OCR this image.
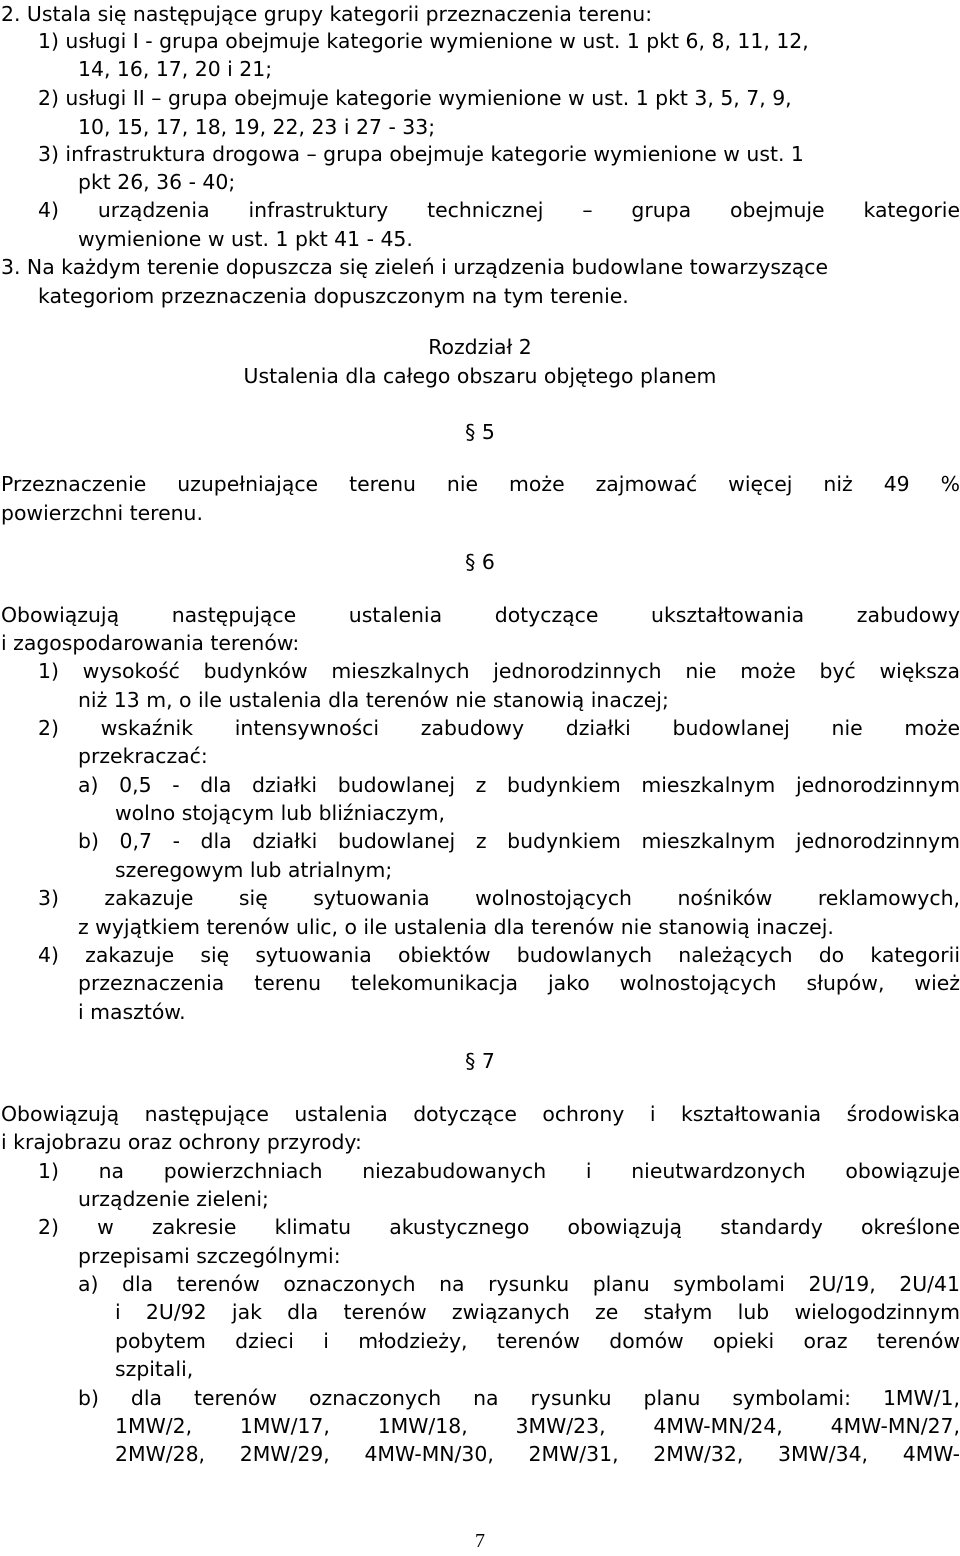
2. Ustala się następujące grupy kategorii przeznaczenia terenu:
1) usługi I - grupa obejmuje kategorie wymienione w ust. 1 pkt 6, 8, 11, 12,
14, 16, 17, 20 i 21;
2) usługi II – grupa obejmuje kategorie wymienione w ust. 1 pkt 3, 5, 7, 9,
10, 15, 17, 18, 19, 22, 23 i 27 - 33;
3) infrastruktura drogowa – grupa obejmuje kategorie wymienione w ust. 1
pkt 26, 36 - 40;
4) urządzenia infrastruktury technicznej – grupa obejmuje kategorie
wymienione w ust. 1 pkt 41 - 45.
3. Na każdym terenie dopuszcza się zieleń i urządzenia budowlane towarzyszące
kategoriom przeznaczenia dopuszczonym na tym terenie.
Rozdział 2
Ustalenia dla całego obszaru objętego planem
§ 5
Przeznaczenie uzupełniające terenu nie może zajmować więcej niż 49 %
powierzchni terenu.
§ 6
Obowiązują następujące ustalenia dotyczące ukształtowania zabudowy
i zagospodarowania terenów:
1) wysokość budynków mieszkalnych jednorodzinnych nie może być większa
niż 13 m, o ile ustalenia dla terenów nie stanowią inaczej;
2) wskaźnik intensywności zabudowy działki budowlanej nie może
przekraczać:
a) 0,5 - dla działki budowlanej z budynkiem mieszkalnym jednorodzinnym
wolno stojącym lub bliźniaczym,
b) 0,7 - dla działki budowlanej z budynkiem mieszkalnym jednorodzinnym
szeregowym lub atrialnym;
3) zakazuje się sytuowania wolnostojących nośników reklamowych,
z wyjątkiem terenów ulic, o ile ustalenia dla terenów nie stanowią inaczej.
4) zakazuje się sytuowania obiektów budowlanych należących do kategorii
przeznaczenia terenu telekomunikacja jako wolnostojących słupów, wież
i masztów.
§ 7
Obowiązują następujące ustalenia dotyczące ochrony i kształtowania środowiska
i krajobrazu oraz ochrony przyrody:
1) na powierzchniach niezabudowanych i nieutwardzonych obowiązuje
urządzenie zieleni;
2) w zakresie klimatu akustycznego obowiązują standardy określone
przepisami szczególnymi:
a) dla terenów oznaczonych na rysunku planu symbolami 2U/19, 2U/41
i 2U/92 jak dla terenów związanych ze stałym lub wielogodzinnym
pobytem dzieci i młodzieży, terenów domów opieki oraz terenów
szpitali,
b) dla terenów oznaczonych na rysunku planu symbolami: 1MW/1,
1MW/2, 1MW/17, 1MW/18, 3MW/23, 4MW-MN/24, 4MW-MN/27,
2MW/28, 2MW/29, 4MW-MN/30, 2MW/31, 2MW/32, 3MW/34, 4MW-
7
